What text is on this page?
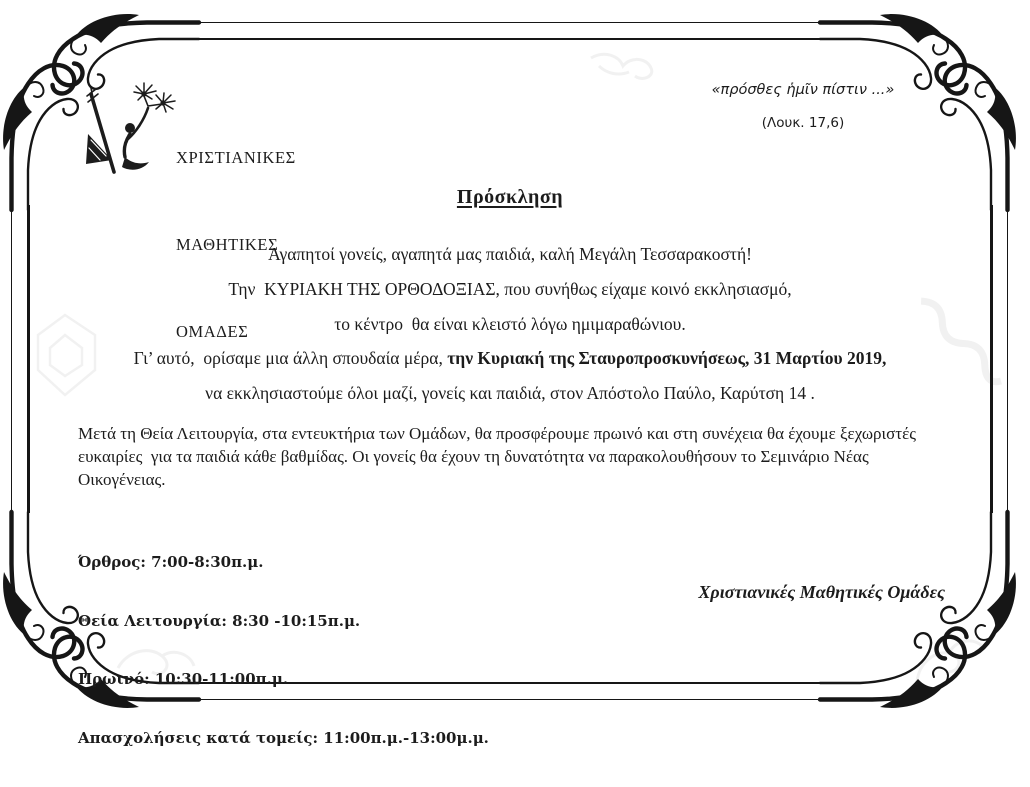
ΧΡΙΣΤΙΑΝΙΚΕΣ

ΜΑΘΗΤΙΚΕΣ

ΟΜΑΔΕΣ

«πρόσθες ἡμῖν πίστιν ...»
(Λουκ. 17,6)
Πρόσκληση
Αγαπητοί γονείς, αγαπητά μας παιδιά, καλή Μεγάλη Τεσσαρακοστή!
Την  ΚΥΡΙΑΚΗ ΤΗΣ ΟΡΘΟΔΟΞΙΑΣ, που συνήθως είχαμε κοινό εκκλησιασμό,
το κέντρο  θα είναι κλειστό λόγω ημιμαραθώνιου.
Γι’ αυτό,  ορίσαμε μια άλλη σπουδαία μέρα, την Κυριακή της Σταυροπροσκυνήσεως, 31 Μαρτίου 2019,
να εκκλησιαστούμε όλοι μαζί, γονείς και παιδιά, στον Απόστολο Παύλο, Καρύτση 14 .
Μετά τη Θεία Λειτουργία, στα εντευκτήρια των Ομάδων, θα προσφέρουμε πρωινό και στη συνέχεια θα έχουμε ξεχωριστές ευκαιρίες  για τα παιδιά κάθε βαθμίδας. Οι γονείς θα έχουν τη δυνατότητα να παρακολουθήσουν το Σεμινάριο Νέας Οικογένειας.

Όρθρος: 7:00-8:30π.μ.

Θεία Λειτουργία: 8:30 -10:15π.μ.

Πρωινό: 10:30-11:00π.μ.

Απασχολήσεις κατά τομείς: 11:00π.μ.-13:00μ.μ.

Χριστιανικές Μαθητικές Ομάδες
